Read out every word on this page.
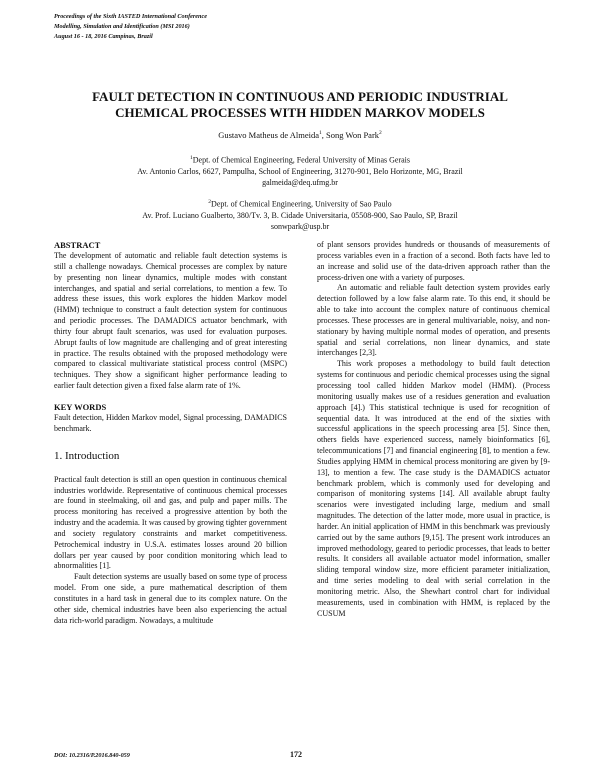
Proceedings of the Sixth IASTED International Conference
Modelling, Simulation and Identification (MSI 2016)
August 16 - 18, 2016 Campinas, Brazil
FAULT DETECTION IN CONTINUOUS AND PERIODIC INDUSTRIAL
CHEMICAL PROCESSES WITH HIDDEN MARKOV MODELS
Gustavo Matheus de Almeida$^1$, Song Won Park$^2$
$^1$Dept. of Chemical Engineering, Federal University of Minas Gerais
Av. Antonio Carlos, 6627, Pampulha, School of Engineering, 31270-901, Belo Horizonte, MG, Brazil
galmeida@deq.ufmg.br
$^2$Dept. of Chemical Engineering, University of Sao Paulo
Av. Prof. Luciano Gualberto, 380/Tv. 3, B. Cidade Universitaria, 05508-900, Sao Paulo, SP, Brazil
sonwpark@usp.br

ABSTRACT

The development of automatic and reliable fault detection systems is still a challenge nowadays. Chemical processes are complex by nature by presenting non linear dynamics, multiple modes with constant interchanges, and spatial and serial correlations, to mention a few. To address these issues, this work explores the hidden Markov model (HMM) technique to construct a fault detection system for continuous and periodic processes. The DAMADICS actuator benchmark, with thirty four abrupt fault scenarios, was used for evaluation purposes. Abrupt faults of low magnitude are challenging and of great interesting in practice. The results obtained with the proposed methodology were compared to classical multivariate statistical process control (MSPC) techniques. They show a significant higher performance leading to earlier fault detection given a fixed false alarm rate of 1%.

KEY WORDS

Fault detection, Hidden Markov model, Signal processing, DAMADICS benchmark.

1. Introduction

Practical fault detection is still an open question in continuous chemical industries worldwide. Representative of continuous chemical processes are found in steelmaking, oil and gas, and pulp and paper mills. The process monitoring has received a progressive attention by both the industry and the academia. It was caused by growing tighter government and society regulatory constraints and market competitiveness. Petrochemical industry in U.S.A. estimates losses around 20 billion dollars per year caused by poor condition monitoring which lead to abnormalities [1].

Fault detection systems are usually based on some type of process model. From one side, a pure mathematical description of them constitutes in a hard task in general due to its complex nature. On the other side, chemical industries have been also experiencing the actual data rich-world paradigm. Nowadays, a multitude

of plant sensors provides hundreds or thousands of measurements of process variables even in a fraction of a second. Both facts have led to an increase and solid use of the data-driven approach rather than the process-driven one with a variety of purposes.

An automatic and reliable fault detection system provides early detection followed by a low false alarm rate. To this end, it should be able to take into account the complex nature of continuous chemical processes. These processes are in general multivariable, noisy, and non-stationary by having multiple normal modes of operation, and presents spatial and serial correlations, non linear dynamics, and state interchanges [2,3].

This work proposes a methodology to build fault detection systems for continuous and periodic chemical processes using the signal processing tool called hidden Markov model (HMM). (Process monitoring usually makes use of a residues generation and evaluation approach [4].) This statistical technique is used for recognition of sequential data. It was introduced at the end of the sixties with successful applications in the speech processing area [5]. Since then, others fields have experienced success, namely bioinformatics [6], telecommunications [7] and financial engineering [8], to mention a few. Studies applying HMM in chemical process monitoring are given by [9-13], to mention a few. The case study is the DAMADICS actuator benchmark problem, which is commonly used for developing and comparison of monitoring systems [14]. All available abrupt faulty scenarios were investigated including large, medium and small magnitudes. The detection of the latter mode, more usual in practice, is harder. An initial application of HMM in this benchmark was previously carried out by the same authors [9,15]. The present work introduces an improved methodology, geared to periodic processes, that leads to better results. It considers all available actuator model information, smaller sliding temporal window size, more efficient parameter initialization, and time series modeling to deal with serial correlation in the monitoring metric. Also, the Shewhart control chart for individual measurements, used in combination with HMM, is replaced by the CUSUM

DOI: 10.2316/P.2016.840-059	172
